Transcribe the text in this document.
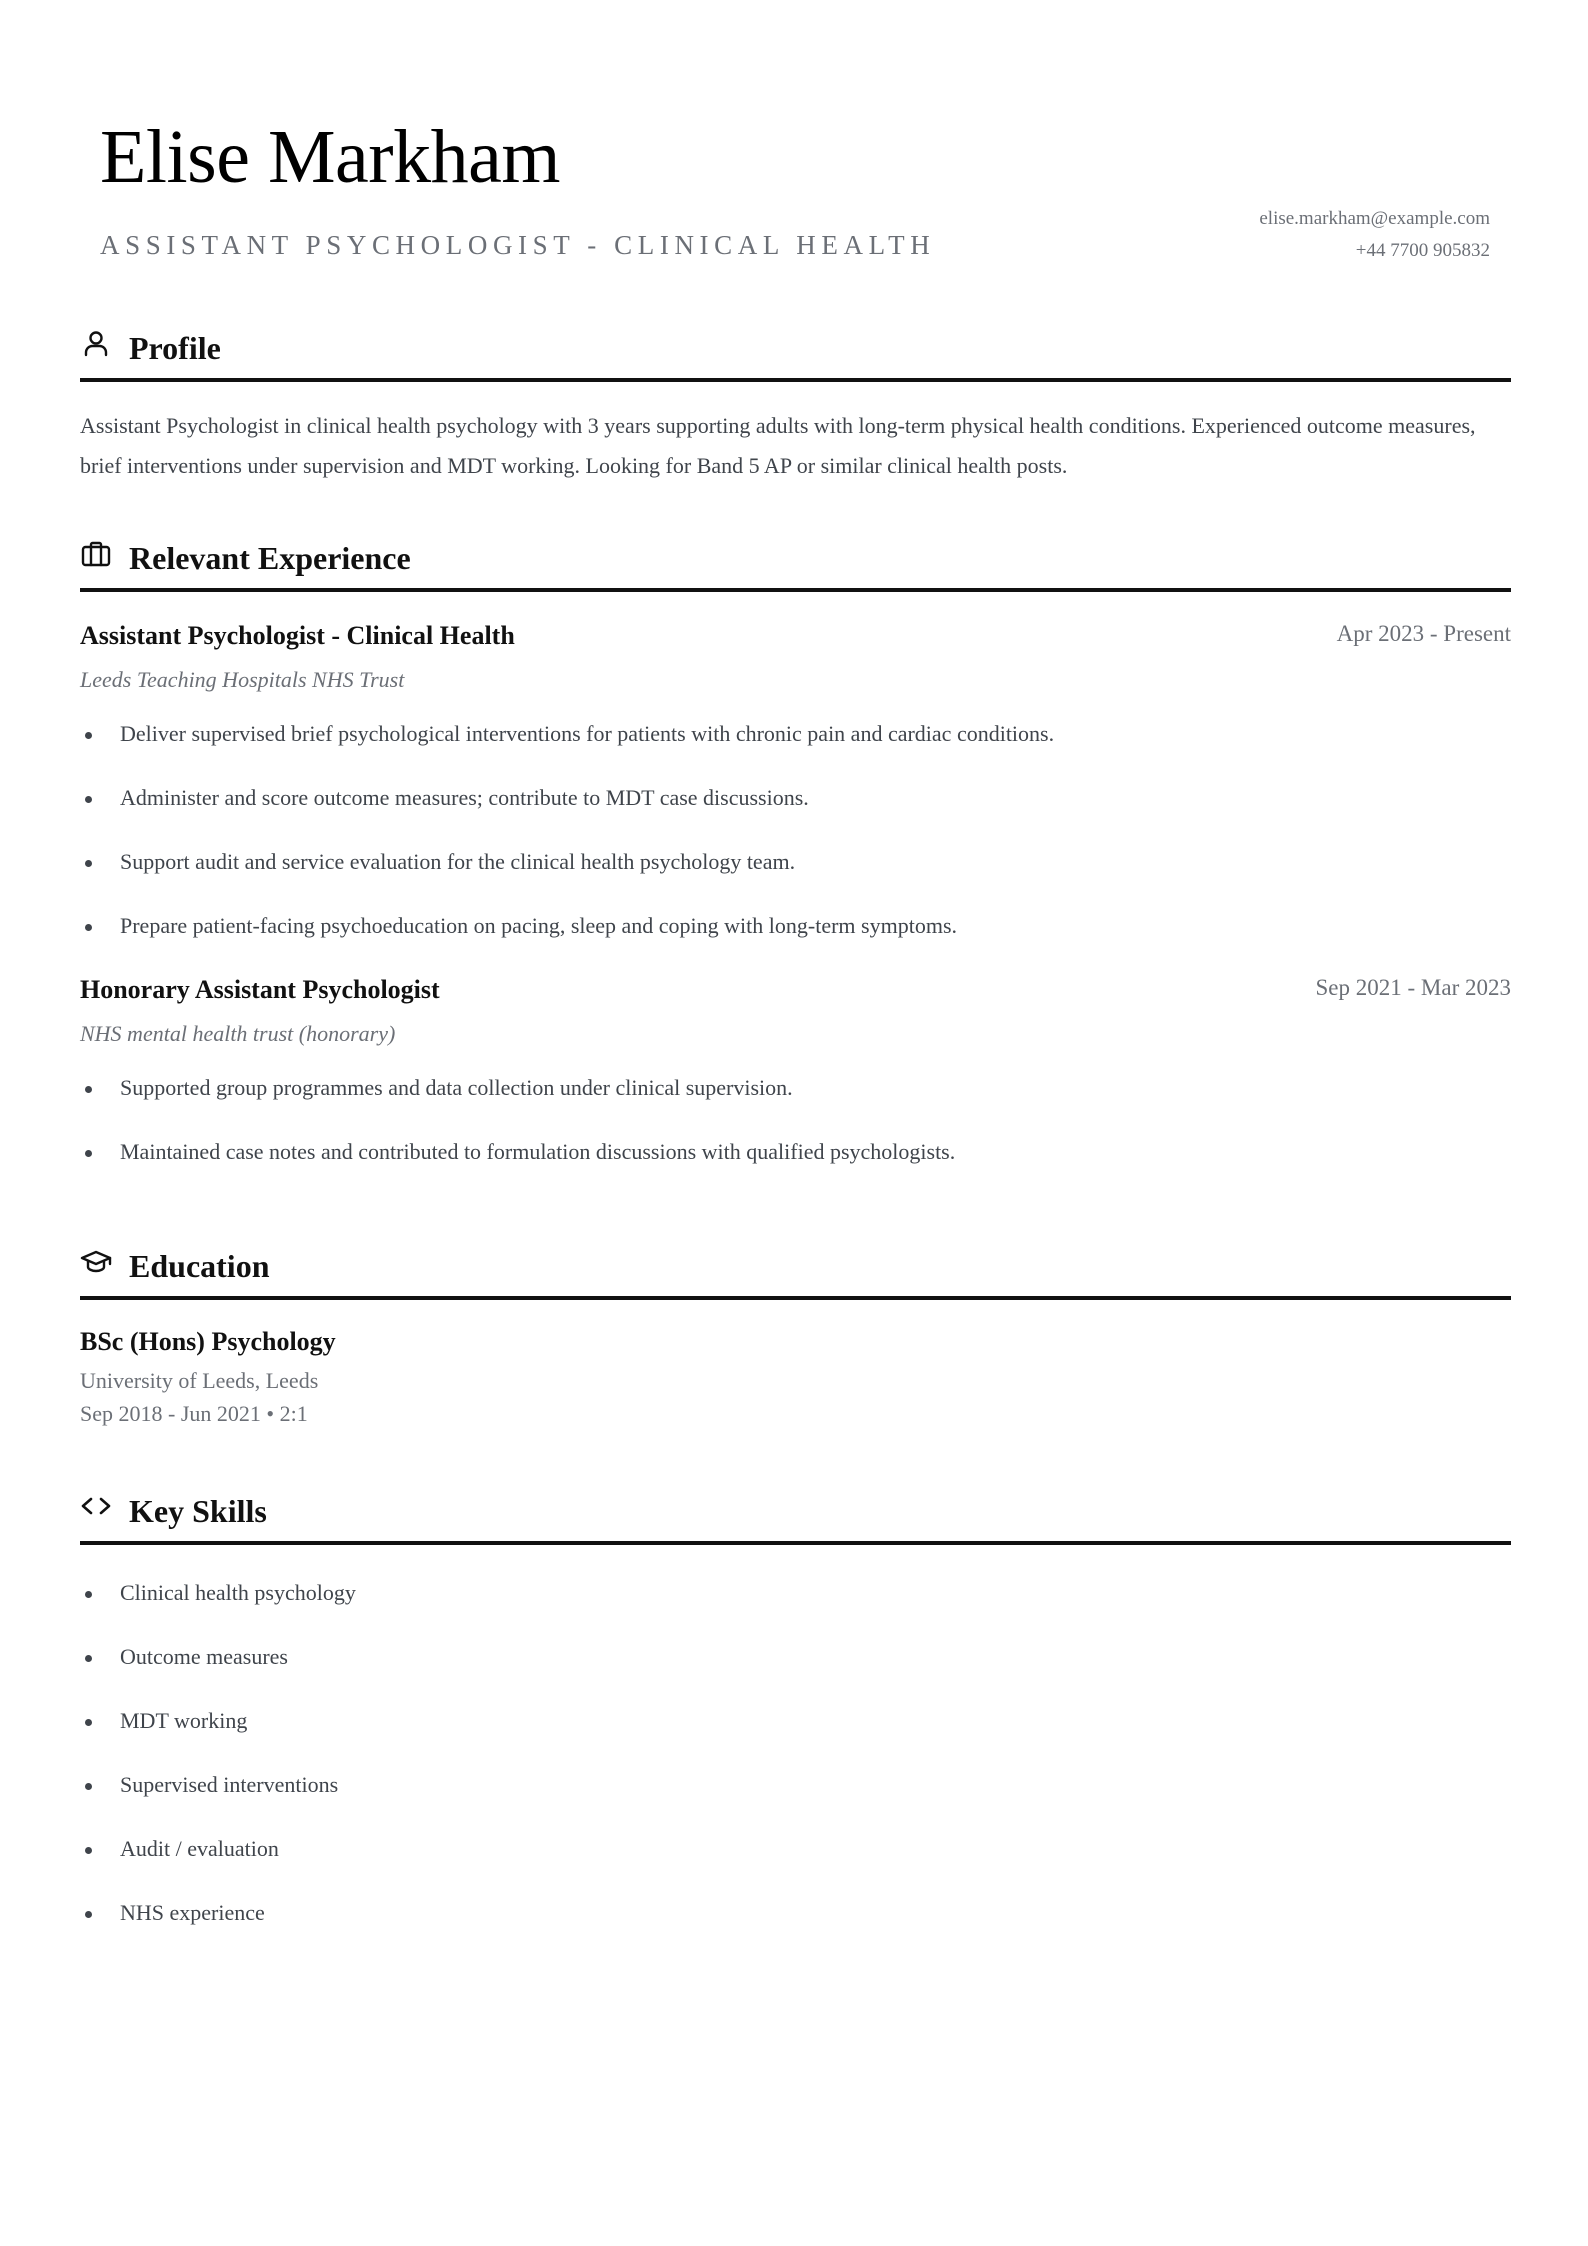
Elise Markham
ASSISTANT PSYCHOLOGIST - CLINICAL HEALTH
elise.markham@example.com
+44 7700 905832
Profile

Assistant Psychologist in clinical health psychology with 3 years supporting adults with long-term physical health conditions. Experienced outcome measures, brief interventions under supervision and MDT working. Looking for Band 5 AP or similar clinical health posts.

Relevant Experience
Assistant Psychologist - Clinical Health	Apr 2023 - Present

Leeds Teaching Hospitals NHS Trust

Deliver supervised brief psychological interventions for patients with chronic pain and cardiac conditions.
Administer and score outcome measures; contribute to MDT case discussions.
Support audit and service evaluation for the clinical health psychology team.
Prepare patient-facing psychoeducation on pacing, sleep and coping with long-term symptoms.
Honorary Assistant Psychologist	Sep 2021 - Mar 2023

NHS mental health trust (honorary)

Supported group programmes and data collection under clinical supervision.
Maintained case notes and contributed to formulation discussions with qualified psychologists.
Education
BSc (Hons) Psychology
University of Leeds, Leeds
Sep 2018 - Jun 2021 • 2:1
Key Skills
Clinical health psychology
Outcome measures
MDT working
Supervised interventions
Audit / evaluation
NHS experience
